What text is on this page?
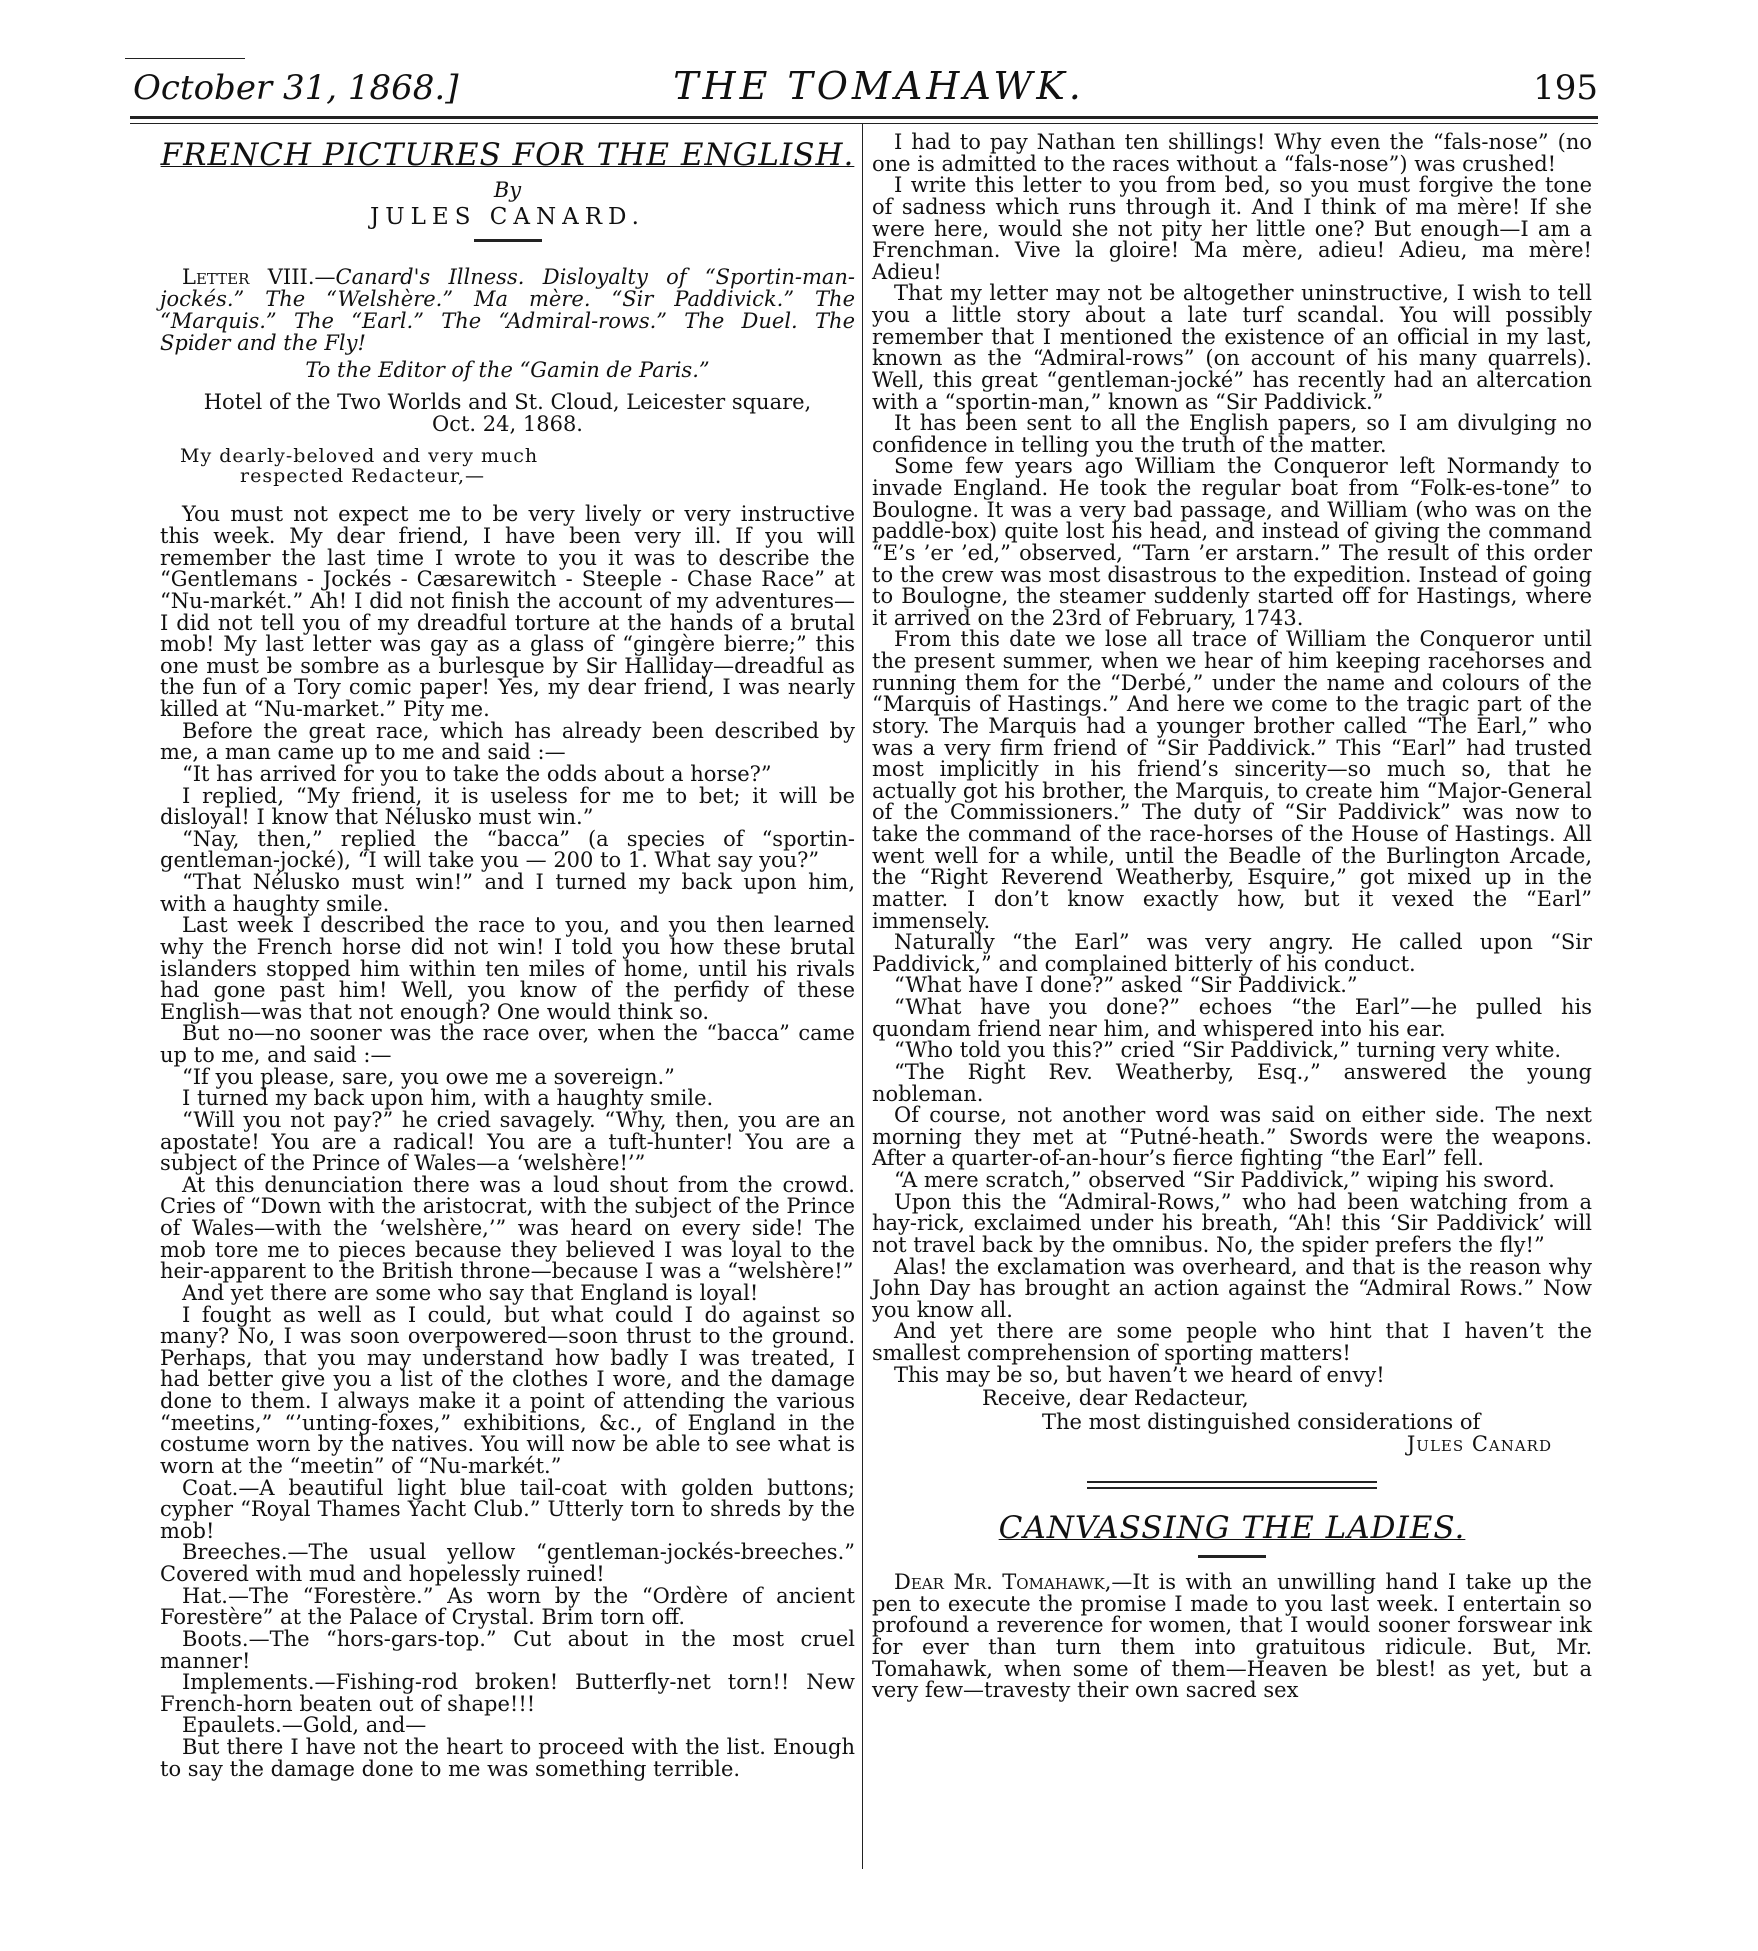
THE TOMAHAWK.
October 31, 1868.]	195
FRENCH PICTURES FOR THE ENGLISH.
By
JULES CANARD.

Letter VIII.—Canard's Illness. Disloyalty of “Sportin-man-jockés.” The “Welshère.” Ma mère. “Sir Paddivick.” The “Marquis.” The “Earl.” The “Admiral-rows.” The Duel. The Spider and the Fly!

To the Editor of the “Gamin de Paris.”
Hotel of the Two Worlds and St. Cloud, Leicester square,
Oct. 24, 1868.
My dearly-beloved and very much
respected Redacteur,—

You must not expect me to be very lively or very instructive this week. My dear friend, I have been very ill. If you will remember the last time I wrote to you it was to describe the “Gentlemans - Jockés - Cæsarewitch - Steeple - Chase Race” at “Nu-markét.” Ah! I did not finish the account of my adventures—I did not tell you of my dreadful torture at the hands of a brutal mob! My last letter was gay as a glass of “gingère bierre;” this one must be sombre as a burlesque by Sir Halliday—dreadful as the fun of a Tory comic paper! Yes, my dear friend, I was nearly killed at “Nu-market.” Pity me.

Before the great race, which has already been described by me, a man came up to me and said :—

“It has arrived for you to take the odds about a horse?”

I replied, “My friend, it is useless for me to bet; it will be disloyal! I know that Nélusko must win.”

“Nay, then,” replied the “bacca” (a species of “sportin-gentleman-jocké), “I will take you — 200 to 1. What say you?”

“That Nélusko must win!” and I turned my back upon him, with a haughty smile.

Last week I described the race to you, and you then learned why the French horse did not win! I told you how these brutal islanders stopped him within ten miles of home, until his rivals had gone past him! Well, you know of the perfidy of these English—was that not enough? One would think so.

But no—no sooner was the race over, when the “bacca” came up to me, and said :—

“If you please, sare, you owe me a sovereign.”

I turned my back upon him, with a haughty smile.

“Will you not pay?” he cried savagely. “Why, then, you are an apostate! You are a radical! You are a tuft-hunter! You are a subject of the Prince of Wales—a ‘welshère!’”

At this denunciation there was a loud shout from the crowd. Cries of “Down with the aristocrat, with the subject of the Prince of Wales—with the ‘welshère,’” was heard on every side! The mob tore me to pieces because they believed I was loyal to the heir-apparent to the British throne—because I was a “welshère!”

And yet there are some who say that England is loyal!

I fought as well as I could, but what could I do against so many? No, I was soon overpowered—soon thrust to the ground. Perhaps, that you may understand how badly I was treated, I had better give you a list of the clothes I wore, and the damage done to them. I always make it a point of attending the various “meetins,” “’unting-foxes,” exhibitions, &c., of England in the costume worn by the natives. You will now be able to see what is worn at the “meetin” of “Nu-markét.”

Coat.—A beautiful light blue tail-coat with golden buttons; cypher “Royal Thames Yacht Club.” Utterly torn to shreds by the mob!

Breeches.—The usual yellow “gentleman-jockés-breeches.” Covered with mud and hopelessly ruined!

Hat.—The “Forestère.” As worn by the “Ordère of ancient Forestère” at the Palace of Crystal. Brim torn off.

Boots.—The “hors-gars-top.” Cut about in the most cruel manner!

Implements.—Fishing-rod broken! Butterfly-net torn!! New French-horn beaten out of shape!!!

Epaulets.—Gold, and—

But there I have not the heart to proceed with the list. Enough to say the damage done to me was something terrible.

I had to pay Nathan ten shillings! Why even the “fals-nose” (no one is admitted to the races without a “fals-nose”) was crushed!

I write this letter to you from bed, so you must forgive the tone of sadness which runs through it. And I think of ma mère! If she were here, would she not pity her little one? But enough—I am a Frenchman. Vive la gloire! Ma mère, adieu! Adieu, ma mère! Adieu!

That my letter may not be altogether uninstructive, I wish to tell you a little story about a late turf scandal. You will possibly remember that I mentioned the existence of an official in my last, known as the “Admiral-rows” (on account of his many quarrels). Well, this great “gentleman-jocké” has recently had an altercation with a “sportin-man,” known as “Sir Paddivick.”

It has been sent to all the English papers, so I am divulging no confidence in telling you the truth of the matter.

Some few years ago William the Conqueror left Normandy to invade England. He took the regular boat from “Folk-es-tone” to Boulogne. It was a very bad passage, and William (who was on the paddle-box) quite lost his head, and instead of giving the command “E’s ’er ’ed,” observed, “Tarn ’er arstarn.” The result of this order to the crew was most disastrous to the expedition. Instead of going to Boulogne, the steamer suddenly started off for Hastings, where it arrived on the 23rd of February, 1743.

From this date we lose all trace of William the Conqueror until the present summer, when we hear of him keeping racehorses and running them for the “Derbé,” under the name and colours of the “Marquis of Hastings.” And here we come to the tragic part of the story. The Marquis had a younger brother called “The Earl,” who was a very firm friend of “Sir Paddivick.” This “Earl” had trusted most implicitly in his friend’s sincerity—so much so, that he actually got his brother, the Marquis, to create him “Major-General of the Commissioners.” The duty of “Sir Paddivick” was now to take the command of the race-horses of the House of Hastings. All went well for a while, until the Beadle of the Burlington Arcade, the “Right Reverend Weatherby, Esquire,” got mixed up in the matter. I don’t know exactly how, but it vexed the “Earl” immensely.

Naturally “the Earl” was very angry. He called upon “Sir Paddivick,” and complained bitterly of his conduct.

“What have I done?” asked “Sir Paddivick.”

“What have you done?” echoes “the Earl”—he pulled his quondam friend near him, and whispered into his ear.

“Who told you this?” cried “Sir Paddivick,” turning very white.

“The Right Rev. Weatherby, Esq.,” answered the young nobleman.

Of course, not another word was said on either side. The next morning they met at “Putné-heath.” Swords were the weapons. After a quarter-of-an-hour’s fierce fighting “the Earl” fell.

“A mere scratch,” observed “Sir Paddivick,” wiping his sword.

Upon this the “Admiral-Rows,” who had been watching from a hay-rick, exclaimed under his breath, “Ah! this ‘Sir Paddivick’ will not travel back by the omnibus. No, the spider prefers the fly!”

Alas! the exclamation was overheard, and that is the reason why John Day has brought an action against the “Admiral Rows.” Now you know all.

And yet there are some people who hint that I haven’t the smallest comprehension of sporting matters!

This may be so, but haven’t we heard of envy!

Receive, dear Redacteur,
The most distinguished considerations of
Jules Canard
CANVASSING THE LADIES.

Dear Mr. Tomahawk,—It is with an unwilling hand I take up the pen to execute the promise I made to you last week. I entertain so profound a reverence for women, that I would sooner forswear ink for ever than turn them into gratuitous ridicule. But, Mr. Tomahawk, when some of them—Heaven be blest! as yet, but a very few—travesty their own sacred sex
